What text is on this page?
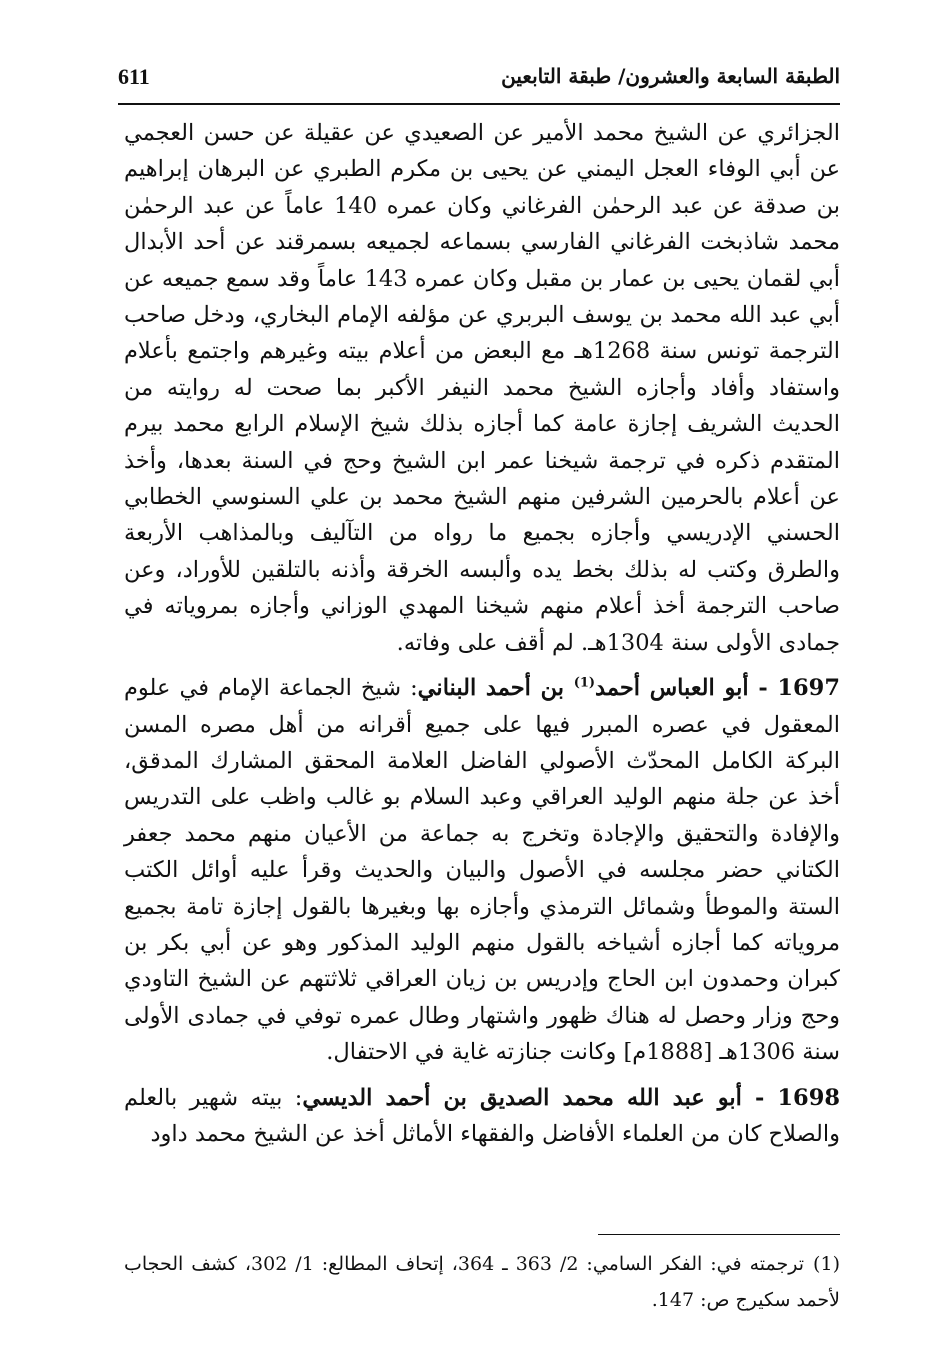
611	الطبقة السابعة والعشرون/ طبقة التابعين

الجزائري عن الشيخ محمد الأمير عن الصعيدي عن عقيلة عن حسن العجمي عن أبي الوفاء العجل اليمني عن يحيى بن مكرم الطبري عن البرهان إبراهيم بن صدقة عن عبد الرحمٰن الفرغاني وكان عمره 140 عاماً عن عبد الرحمٰن محمد شاذبخت الفرغاني الفارسي بسماعه لجميعه بسمرقند عن أحد الأبدال أبي لقمان يحيى بن عمار بن مقبل وكان عمره 143 عاماً وقد سمع جميعه عن أبي عبد الله محمد بن يوسف البربري عن مؤلفه الإمام البخاري، ودخل صاحب الترجمة تونس سنة 1268هـ مع البعض من أعلام بيته وغيرهم واجتمع بأعلام واستفاد وأفاد وأجازه الشيخ محمد النيفر الأكبر بما صحت له روايته من الحديث الشريف إجازة عامة كما أجازه بذلك شيخ الإسلام الرابع محمد بيرم المتقدم ذكره في ترجمة شيخنا عمر ابن الشيخ وحج في السنة بعدها، وأخذ عن أعلام بالحرمين الشرفين منهم الشيخ محمد بن علي السنوسي الخطابي الحسني الإدريسي وأجازه بجميع ما رواه من التآليف وبالمذاهب الأربعة والطرق وكتب له بذلك بخط يده وألبسه الخرقة وأذنه بالتلقين للأوراد، وعن صاحب الترجمة أخذ أعلام منهم شيخنا المهدي الوزاني وأجازه بمروياته في جمادى الأولى سنة 1304هـ. لم أقف على وفاته.

1697 - أبو العباس أحمد$^{(1)}$ بن أحمد البناني: شيخ الجماعة الإمام في علوم المعقول في عصره المبرر فيها على جميع أقرانه من أهل مصره المسن البركة الكامل المحدّث الأصولي الفاضل العلامة المحقق المشارك المدقق، أخذ عن جلة منهم الوليد العراقي وعبد السلام بو غالب واظب على التدريس والإفادة والتحقيق والإجادة وتخرج به جماعة من الأعيان منهم محمد جعفر الكتاني حضر مجلسه في الأصول والبيان والحديث وقرأ عليه أوائل الكتب الستة والموطأ وشمائل الترمذي وأجازه بها وبغيرها بالقول إجازة تامة بجميع مروياته كما أجازه أشياخه بالقول منهم الوليد المذكور وهو عن أبي بكر بن كبران وحمدون ابن الحاج وإدريس بن زيان العراقي ثلاثتهم عن الشيخ التاودي وحج وزار وحصل له هناك ظهور واشتهار وطال عمره توفي في جمادى الأولى سنة 1306هـ [1888م] وكانت جنازته غاية في الاحتفال.

1698 - أبو عبد الله محمد الصديق بن أحمد الديسي: بيته شهير بالعلم والصلاح كان من العلماء الأفاضل والفقهاء الأماثل أخذ عن الشيخ محمد داود

(1) ترجمته في: الفكر السامي: 2/ 363 ـ 364، إتحاف المطالع: 1/ 302، كشف الحجاب لأحمد سكيرج ص: 147.
